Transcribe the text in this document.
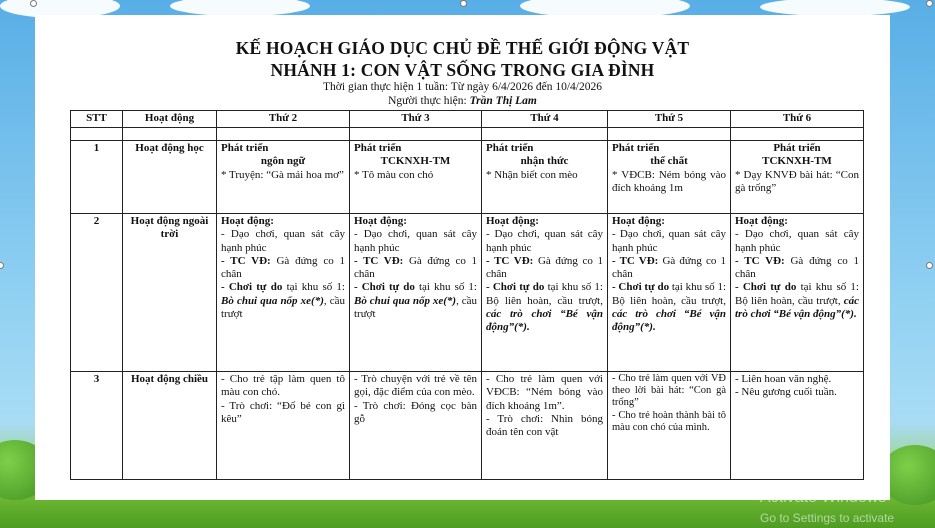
KẾ HOẠCH GIÁO DỤC CHỦ ĐỀ THẾ GIỚI ĐỘNG VẬT
NHÁNH 1: CON VẬT SỐNG TRONG GIA ĐÌNH
Thời gian thực hiện 1 tuần: Từ ngày 6/4/2026 đến 10/4/2026
Người thực hiện: Trần Thị Lam
STT	Hoạt động	Thứ 2	Thứ 3	Thứ 4	Thứ 5	Thứ 6

1	Hoạt động học	Phát triển
ngôn ngữ
* Truyện: “Gà mái hoa mơ”	Phát triển
TCKNXH-TM
* Tô màu con chó	Phát triển
nhận thức
* Nhận biết con mèo	Phát triển
thể chất
* VĐCB: Ném bóng vào đích khoảng 1m	Phát triển
TCKNXH-TM
* Dạy KNVĐ bài hát: “Con gà trống”

2	Hoạt động ngoài trời	Hoạt động:
- Dạo chơi, quan sát cây hạnh phúc
- TC VĐ: Gà đứng co 1 chân
- Chơi tự do tại khu số 1: Bò chui qua nốp xe(*), cầu trượt	Hoạt động:
- Dạo chơi, quan sát cây hạnh phúc
- TC VĐ: Gà đứng co 1 chân
- Chơi tự do tại khu số 1: Bò chui qua nốp xe(*), cầu trượt	Hoạt động:
- Dạo chơi, quan sát cây hạnh phúc
- TC VĐ: Gà đứng co 1 chân
- Chơi tự do tại khu số 1: Bộ liên hoàn, cầu trượt, các trò chơi “Bé vận động”(*).	Hoạt động:
- Dạo chơi, quan sát cây hạnh phúc
- TC VĐ: Gà đứng co 1 chân
- Chơi tự do tại khu số 1: Bộ liên hoàn, cầu trượt, các trò chơi “Bé vận động”(*).	Hoạt động:
- Dạo chơi, quan sát cây hạnh phúc
- TC VĐ: Gà đứng co 1 chân
- Chơi tự do tại khu số 1: Bộ liên hoàn, cầu trượt, các trò chơi “Bé vận động”(*).

3	Hoạt động chiều	- Cho trẻ tập làm quen tô màu con chó.
- Trò chơi: “Đố bé con gì kêu”	- Trò chuyện với trẻ về tên gọi, đặc điểm của con mèo.
- Trò chơi: Đóng cọc bàn gỗ	- Cho trẻ làm quen với VĐCB: “Ném bóng vào đích khoảng 1m”.
- Trò chơi: Nhìn bóng đoán tên con vật	- Cho trẻ làm quen với VĐ theo lời bài hát: “Con gà trống”
- Cho trẻ hoàn thành bài tô màu con chó của mình.	- Liên hoan văn nghệ.
- Nêu gương cuối tuần.
Activate Windows
Go to Settings to activate
